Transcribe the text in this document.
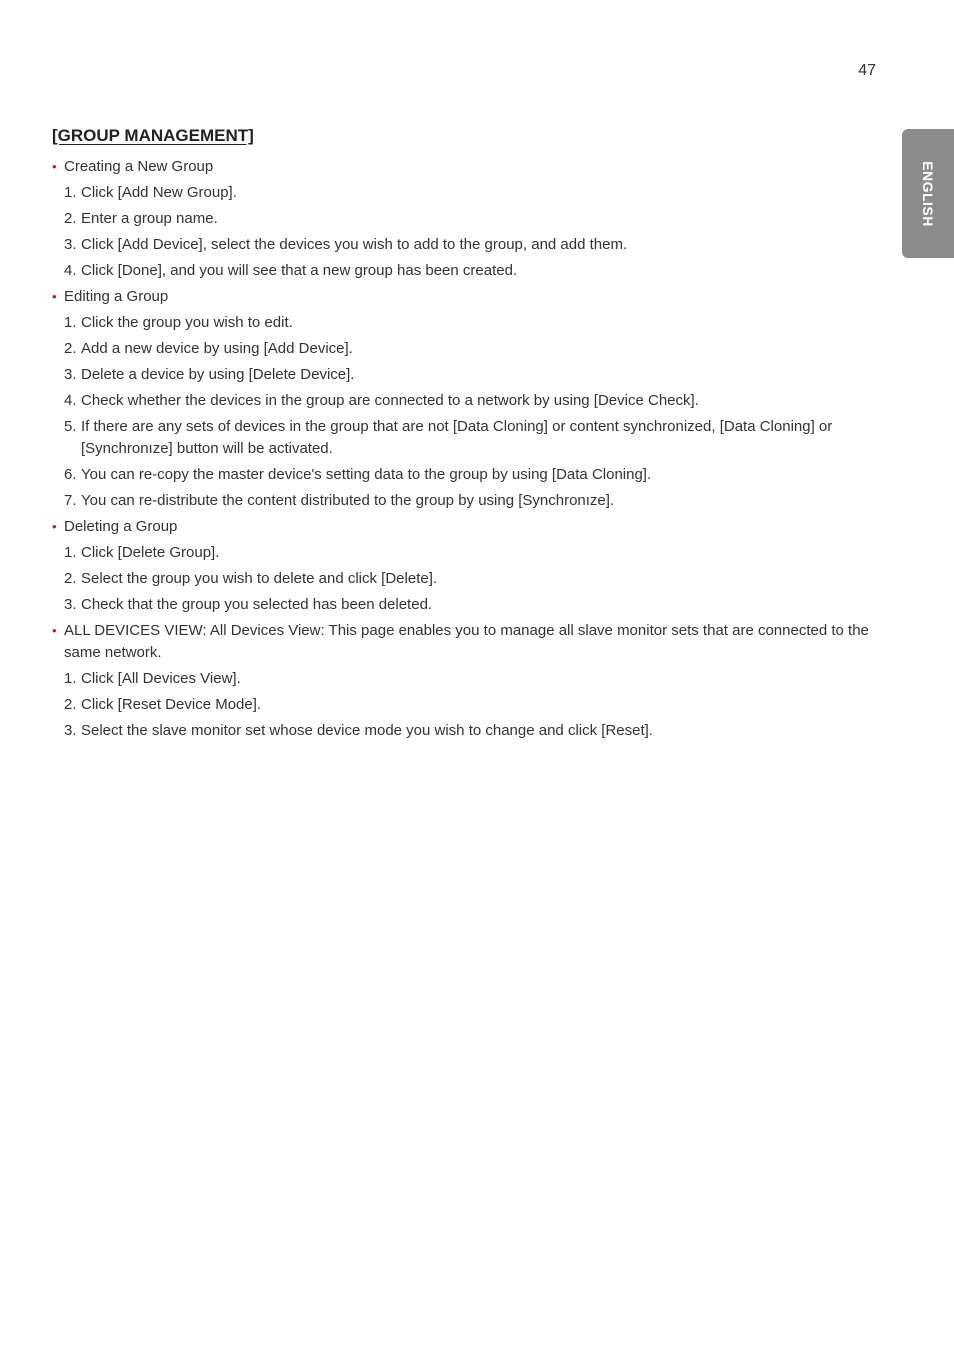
47
ENGLISH
[GROUP MANAGEMENT]
• Creating a New Group
1. Click [Add New Group].
2. Enter a group name.
3. Click [Add Device], select the devices you wish to add to the group, and add them.
4. Click [Done], and you will see that a new group has been created.
• Editing a Group
1. Click the group you wish to edit.
2. Add a new device by using [Add Device].
3. Delete a device by using [Delete Device].
4. Check whether the devices in the group are connected to a network by using [Device Check].
5. If there are any sets of devices in the group that are not [Data Cloning] or content synchronized, [Data Cloning] or [Synchronıze] button will be activated.
6. You can re-copy the master device's setting data to the group by using [Data Cloning].
7. You can re-distribute the content distributed to the group by using [Synchronıze].
• Deleting a Group
1. Click [Delete Group].
2. Select the group you wish to delete and click [Delete].
3. Check that the group you selected has been deleted.
• ALL DEVICES VIEW: All Devices View: This page enables you to manage all slave monitor sets that are connected to the same network.
1. Click [All Devices View].
2. Click [Reset Device Mode].
3. Select the slave monitor set whose device mode you wish to change and click [Reset].
